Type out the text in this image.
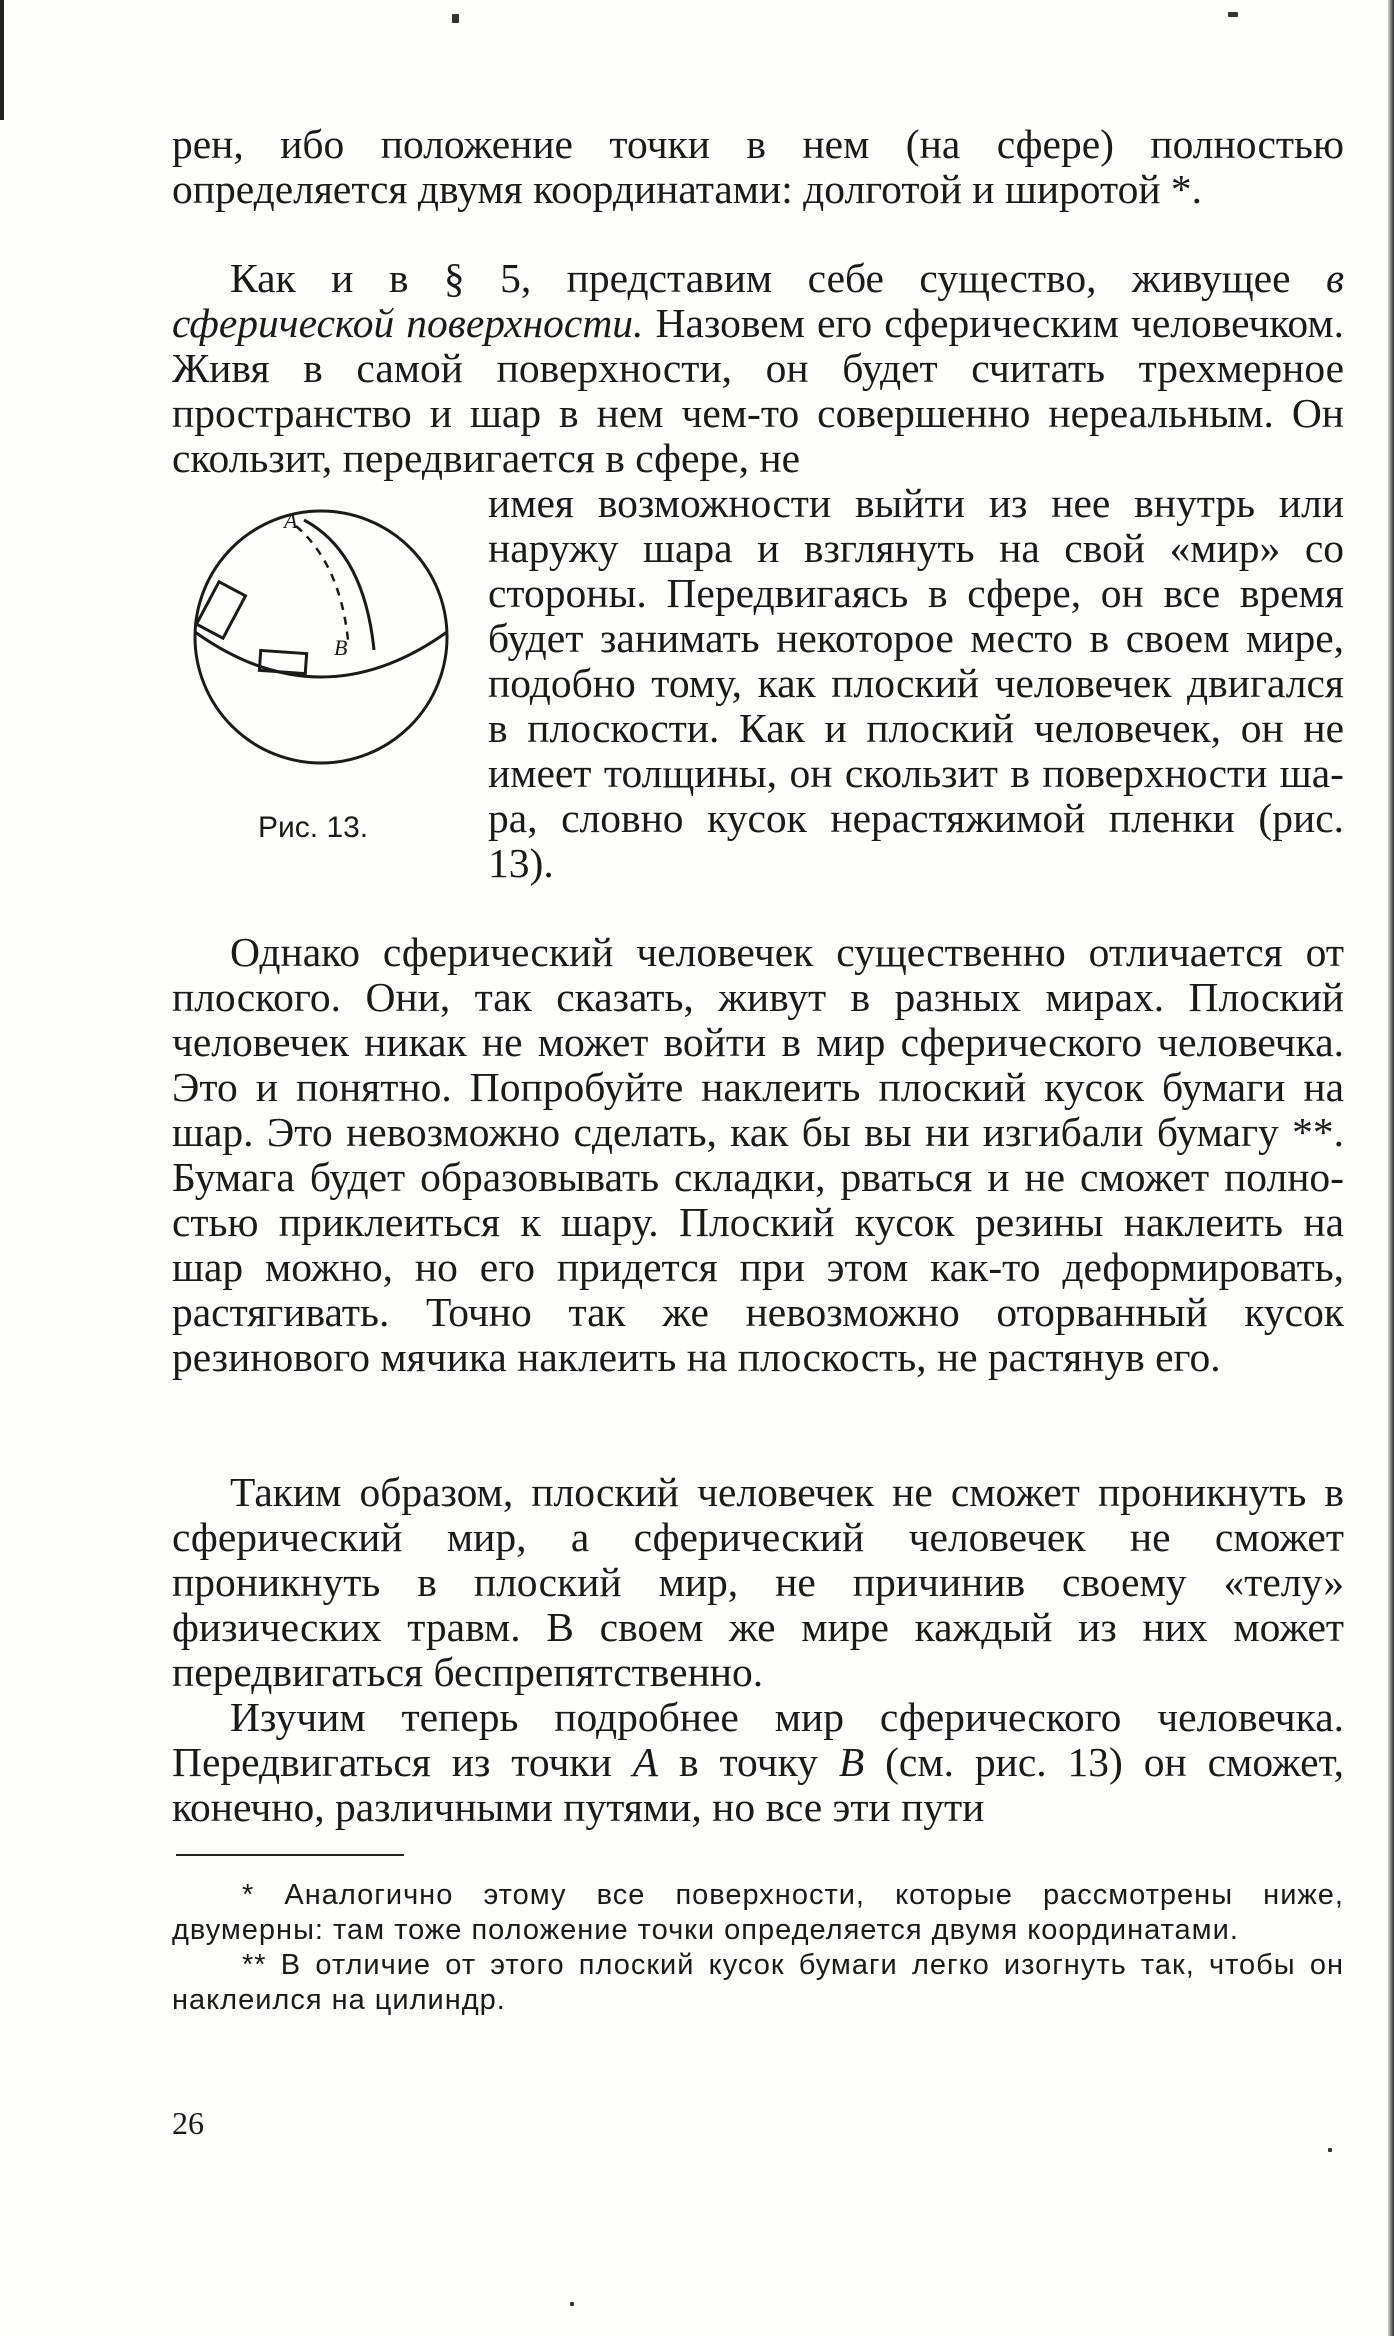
рен, ибо положение точки в нем (на сфере) полностью определяется двумя координатами: долготой и широтой *.

Как и в § 5, представим себе существо, живущее в сферической поверхности. Назовем его сферическим человечком. Живя в самой поверхности, он будет считать трехмерное пространство и шар в нем чем-то совершенно нереальным. Он скользит, передвигается в сфере, не

A
B
Рис. 13.

имея возможности выйти из нее внутрь или наружу шара и взглянуть на свой «мир» со стороны. Передвигаясь в сфере, он все время будет занимать некоторое место в своем мире, подобно тому, как плоский человечек двигался в плоскости. Как и плоский человечек, он не имеет толщины, он скользит в поверхности шара, словно кусок нерастяжимой пленки (рис. 13).

Однако сферический человечек существенно отличается от плоского. Они, так сказать, живут в разных мирах. Плоский человечек никак не может войти в мир сферического человечка. Это и понятно. Попробуйте наклеить плоский кусок бумаги на шар. Это невозможно сделать, как бы вы ни изгибали бумагу **. Бумага будет образовывать складки, рваться и не сможет полностью приклеиться к шару. Плоский кусок резины наклеить на шар можно, но его придется при этом как-то деформировать, растягивать. Точно так же невозможно оторванный кусок резинового мячика наклеить на плоскость, не растянув его.

Таким образом, плоский человечек не сможет проникнуть в сферический мир, а сферический человечек не сможет проникнуть в плоский мир, не причинив своему «телу» физических травм. В своем же мире каждый из них может передвигаться беспрепятственно.

Изучим теперь подробнее мир сферического человечка. Передвигаться из точки А в точку В (см. рис. 13) он сможет, конечно, различными путями, но все эти пути

* Аналогично этому все поверхности, которые рассмотрены ниже, двумерны: там тоже положение точки определяется двумя координатами.

** В отличие от этого плоский кусок бумаги легко изогнуть так, чтобы он наклеился на цилиндр.

26
